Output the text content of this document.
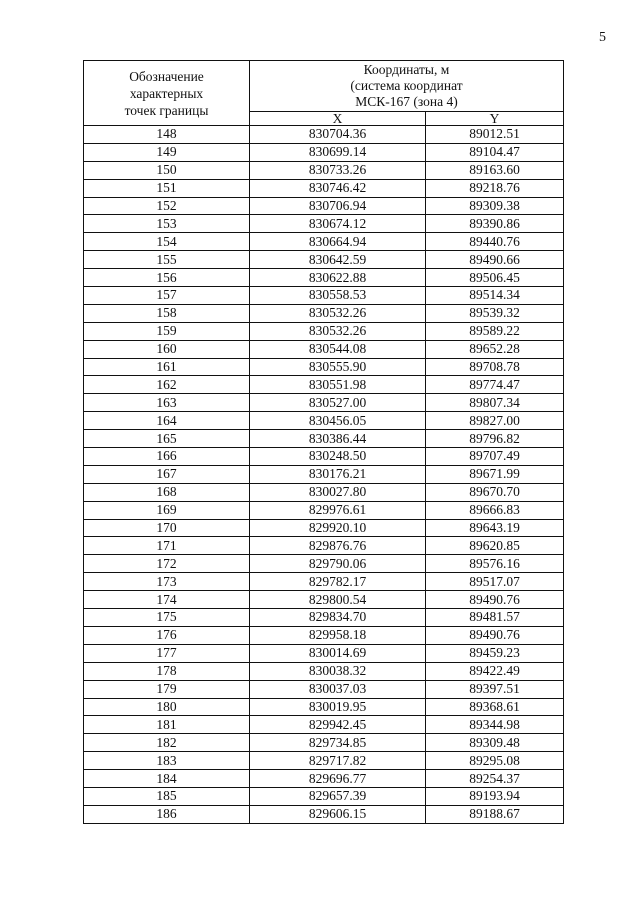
5
Обозначение
характерных
точек границы	Координаты, м
(система координат
МСК-167 (зона 4)	
	X	Y
148	830704.36	89012.51
149	830699.14	89104.47
150	830733.26	89163.60
151	830746.42	89218.76
152	830706.94	89309.38
153	830674.12	89390.86
154	830664.94	89440.76
155	830642.59	89490.66
156	830622.88	89506.45
157	830558.53	89514.34
158	830532.26	89539.32
159	830532.26	89589.22
160	830544.08	89652.28
161	830555.90	89708.78
162	830551.98	89774.47
163	830527.00	89807.34
164	830456.05	89827.00
165	830386.44	89796.82
166	830248.50	89707.49
167	830176.21	89671.99
168	830027.80	89670.70
169	829976.61	89666.83
170	829920.10	89643.19
171	829876.76	89620.85
172	829790.06	89576.16
173	829782.17	89517.07
174	829800.54	89490.76
175	829834.70	89481.57
176	829958.18	89490.76
177	830014.69	89459.23
178	830038.32	89422.49
179	830037.03	89397.51
180	830019.95	89368.61
181	829942.45	89344.98
182	829734.85	89309.48
183	829717.82	89295.08
184	829696.77	89254.37
185	829657.39	89193.94
186	829606.15	89188.67
